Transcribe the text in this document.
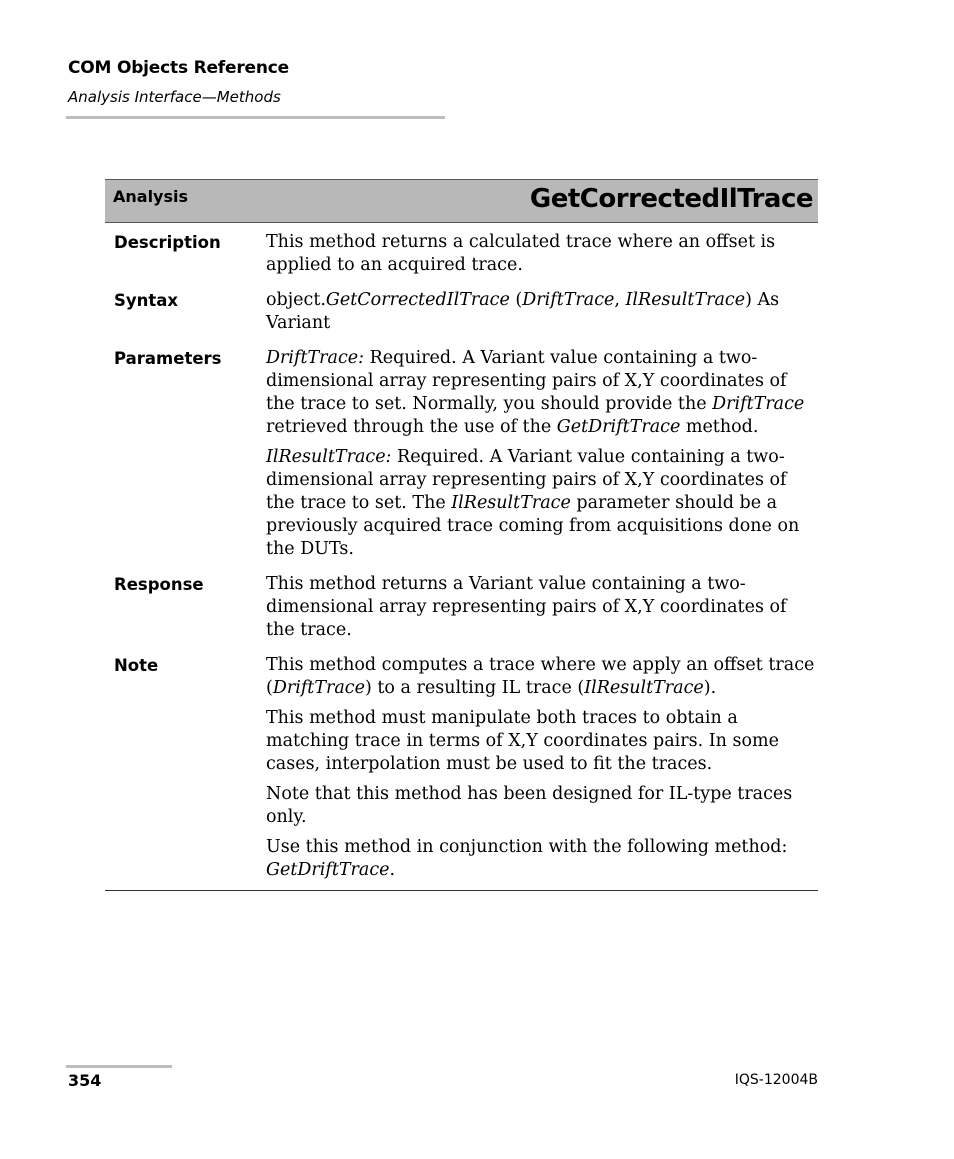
COM Objects Reference
Analysis Interface—Methods
Analysis	GetCorrectedIlTrace
Description	This method returns a calculated trace where an offset is applied to an acquired trace.

Syntax	object.GetCorrectedIlTrace (DriftTrace, IlResultTrace) As Variant

Parameters	DriftTrace: Required. A Variant value containing a two-dimensional array representing pairs of X,Y coordinates of the trace to set. Normally, you should provide the DriftTrace retrieved through the use of the GetDriftTrace method.

IlResultTrace: Required. A Variant value containing a two-dimensional array representing pairs of X,Y coordinates of the trace to set. The IlResultTrace parameter should be a previously acquired trace coming from acquisitions done on the DUTs.

Response	This method returns a Variant value containing a two-dimensional array representing pairs of X,Y coordinates of the trace.

Note	This method computes a trace where we apply an offset trace (DriftTrace) to a resulting IL trace (IlResultTrace).

This method must manipulate both traces to obtain a matching trace in terms of X,Y coordinates pairs. In some cases, interpolation must be used to fit the traces.

Note that this method has been designed for IL-type traces only.

Use this method in conjunction with the following method: GetDriftTrace.

354	IQS-12004B
